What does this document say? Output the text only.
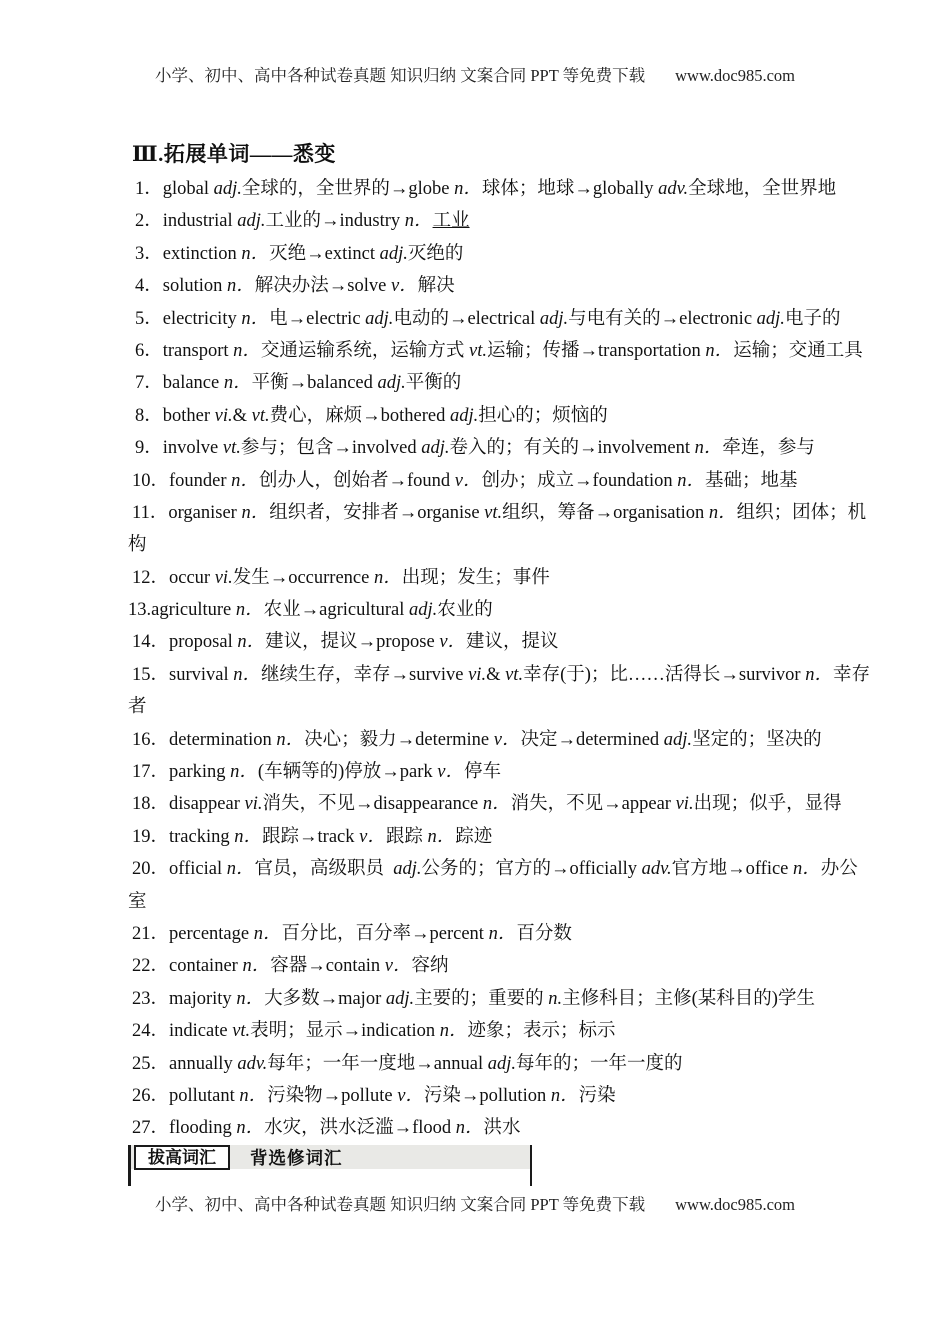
小学、初中、高中各种试卷真题 知识归纳 文案合同 PPT 等免费下载 www.doc985.com
Ⅲ.拓展单词——悉变
1．global adj.全球的，全世界的→globe n．球体；地球→globally adv.全球地，全世界地
2．industrial adj.工业的→industry n．工业
3．extinction n．灭绝→extinct adj.灭绝的
4．solution n．解决办法→solve v．解决
5．electricity n．电→electric adj.电动的→electrical adj.与电有关的→electronic adj.电子的
6．transport n．交通运输系统，运输方式 vt.运输；传播→transportation n．运输；交通工具
7．balance n．平衡→balanced adj.平衡的
8．bother vi.& vt.费心，麻烦→bothered adj.担心的；烦恼的
9．involve vt.参与；包含→involved adj.卷入的；有关的→involvement n．牵连，参与
10．founder n．创办人，创始者→found v．创办；成立→foundation n．基础；地基
11．organiser n．组织者，安排者→organise vt.组织，筹备→organisation n．组织；团体；机
构
12．occur vi.发生→occurrence n．出现；发生；事件
13.agriculture n．农业→agricultural adj.农业的
14．proposal n．建议，提议→propose v．建议，提议
15．survival n．继续生存，幸存→survive vi.& vt.幸存(于)；比……活得长→survivor n．幸存
者
16．determination n．决心；毅力→determine v．决定→determined adj.坚定的；坚决的
17．parking n．(车辆等的)停放→park v．停车
18．disappear vi.消失，不见→disappearance n．消失，不见→appear vi.出现；似乎，显得
19．tracking n．跟踪→track v．跟踪 n．踪迹
20．official n．官员，高级职员  adj.公务的；官方的→officially adv.官方地→office n．办公
室
21．percentage n．百分比，百分率→percent n．百分数
22．container n．容器→contain v．容纳
23．majority n．大多数→major adj.主要的；重要的 n.主修科目；主修(某科目的)学生
24．indicate vt.表明；显示→indication n．迹象；表示；标示
25．annually adv.每年；一年一度地→annual adj.每年的；一年一度的
26．pollutant n．污染物→pollute v．污染→pollution n．污染
27．flooding n．水灾，洪水泛滥→flood n．洪水
拔高词汇	背选修词汇
小学、初中、高中各种试卷真题 知识归纳 文案合同 PPT 等免费下载 www.doc985.com
